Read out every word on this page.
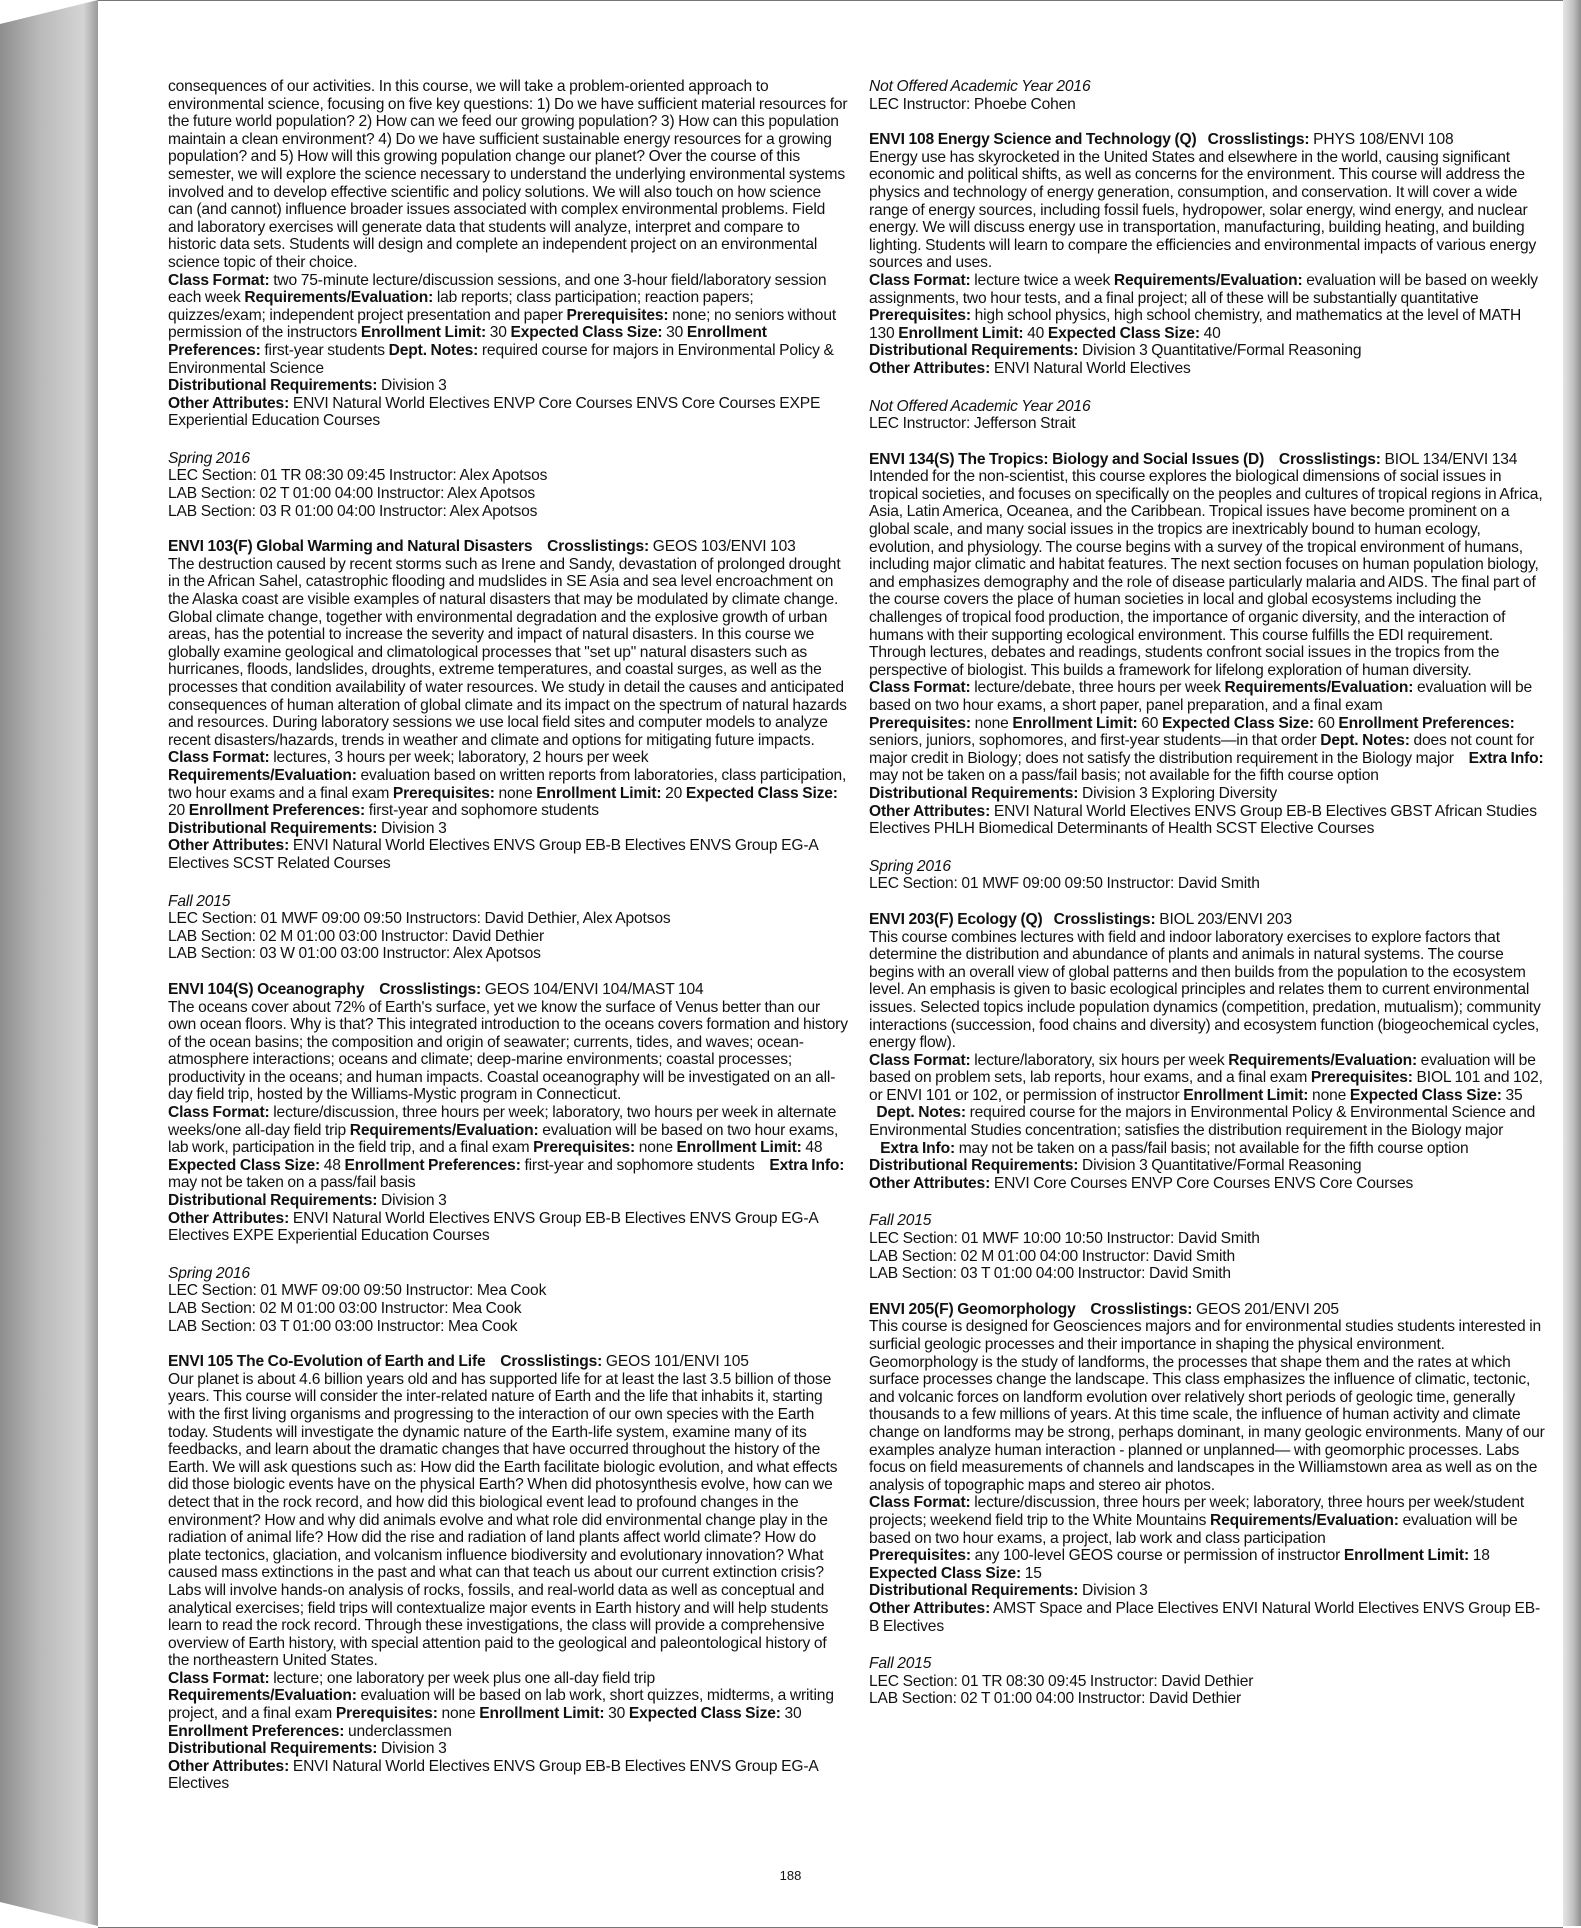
consequences of our activities. In this course, we will take a problem-oriented approach to environmental science, focusing on five key questions: 1) Do we have sufficient material resources for the future world population? 2) How can we feed our growing population? 3) How can this population maintain a clean environment? 4) Do we have sufficient sustainable energy resources for a growing population? and 5) How will this growing population change our planet? Over the course of this semester, we will explore the science necessary to understand the underlying environmental systems involved and to develop effective scientific and policy solutions. We will also touch on how science can (and cannot) influence broader issues associated with complex environmental problems. Field and laboratory exercises will generate data that students will analyze, interpret and compare to historic data sets. Students will design and complete an independent project on an environmental science topic of their choice.
Class Format: two 75-minute lecture/discussion sessions, and one 3-hour field/laboratory session each week Requirements/Evaluation: lab reports; class participation; reaction papers; quizzes/exam; independent project presentation and paper Prerequisites: none; no seniors without permission of the instructors Enrollment Limit: 30 Expected Class Size: 30 Enrollment Preferences: first-year students Dept. Notes: required course for majors in Environmental Policy & Environmental Science
Distributional Requirements: Division 3
Other Attributes: ENVI Natural World Electives ENVP Core Courses ENVS Core Courses EXPE Experiential Education Courses
Spring 2016
LEC Section: 01 TR 08:30 09:45 Instructor: Alex Apotsos
LAB Section: 02 T 01:00 04:00 Instructor: Alex Apotsos
LAB Section: 03 R 01:00 04:00 Instructor: Alex Apotsos
ENVI 103(F) Global Warming and Natural Disasters Crosslistings: GEOS 103/ENVI 103
The destruction caused by recent storms such as Irene and Sandy, devastation of prolonged drought in the African Sahel, catastrophic flooding and mudslides in SE Asia and sea level encroachment on the Alaska coast are visible examples of natural disasters that may be modulated by climate change. Global climate change, together with environmental degradation and the explosive growth of urban areas, has the potential to increase the severity and impact of natural disasters. In this course we globally examine geological and climatological processes that "set up" natural disasters such as hurricanes, floods, landslides, droughts, extreme temperatures, and coastal surges, as well as the processes that condition availability of water resources. We study in detail the causes and anticipated consequences of human alteration of global climate and its impact on the spectrum of natural hazards and resources. During laboratory sessions we use local field sites and computer models to analyze recent disasters/hazards, trends in weather and climate and options for mitigating future impacts.
Class Format: lectures, 3 hours per week; laboratory, 2 hours per week
Requirements/Evaluation: evaluation based on written reports from laboratories, class participation, two hour exams and a final exam Prerequisites: none Enrollment Limit: 20 Expected Class Size: 20 Enrollment Preferences: first-year and sophomore students
Distributional Requirements: Division 3
Other Attributes: ENVI Natural World Electives ENVS Group EB-B Electives ENVS Group EG-A Electives SCST Related Courses
Fall 2015
LEC Section: 01 MWF 09:00 09:50 Instructors: David Dethier, Alex Apotsos
LAB Section: 02 M 01:00 03:00 Instructor: David Dethier
LAB Section: 03 W 01:00 03:00 Instructor: Alex Apotsos
ENVI 104(S) Oceanography Crosslistings: GEOS 104/ENVI 104/MAST 104
The oceans cover about 72% of Earth's surface, yet we know the surface of Venus better than our own ocean floors. Why is that? This integrated introduction to the oceans covers formation and history of the ocean basins; the composition and origin of seawater; currents, tides, and waves; ocean-atmosphere interactions; oceans and climate; deep-marine environments; coastal processes; productivity in the oceans; and human impacts. Coastal oceanography will be investigated on an all-day field trip, hosted by the Williams-Mystic program in Connecticut.
Class Format: lecture/discussion, three hours per week; laboratory, two hours per week in alternate weeks/one all-day field trip Requirements/Evaluation: evaluation will be based on two hour exams, lab work, participation in the field trip, and a final exam Prerequisites: none Enrollment Limit: 48 Expected Class Size: 48 Enrollment Preferences: first-year and sophomore students Extra Info: may not be taken on a pass/fail basis
Distributional Requirements: Division 3
Other Attributes: ENVI Natural World Electives ENVS Group EB-B Electives ENVS Group EG-A Electives EXPE Experiential Education Courses
Spring 2016
LEC Section: 01 MWF 09:00 09:50 Instructor: Mea Cook
LAB Section: 02 M 01:00 03:00 Instructor: Mea Cook
LAB Section: 03 T 01:00 03:00 Instructor: Mea Cook
ENVI 105 The Co-Evolution of Earth and Life Crosslistings: GEOS 101/ENVI 105
Our planet is about 4.6 billion years old and has supported life for at least the last 3.5 billion of those years. This course will consider the inter-related nature of Earth and the life that inhabits it, starting with the first living organisms and progressing to the interaction of our own species with the Earth today. Students will investigate the dynamic nature of the Earth-life system, examine many of its feedbacks, and learn about the dramatic changes that have occurred throughout the history of the Earth. We will ask questions such as: How did the Earth facilitate biologic evolution, and what effects did those biologic events have on the physical Earth? When did photosynthesis evolve, how can we detect that in the rock record, and how did this biological event lead to profound changes in the environment? How and why did animals evolve and what role did environmental change play in the radiation of animal life? How did the rise and radiation of land plants affect world climate? How do plate tectonics, glaciation, and volcanism influence biodiversity and evolutionary innovation? What caused mass extinctions in the past and what can that teach us about our current extinction crisis? Labs will involve hands-on analysis of rocks, fossils, and real-world data as well as conceptual and analytical exercises; field trips will contextualize major events in Earth history and will help students learn to read the rock record. Through these investigations, the class will provide a comprehensive overview of Earth history, with special attention paid to the geological and paleontological history of the northeastern United States.
Class Format: lecture; one laboratory per week plus one all-day field trip
Requirements/Evaluation: evaluation will be based on lab work, short quizzes, midterms, a writing project, and a final exam Prerequisites: none Enrollment Limit: 30 Expected Class Size: 30 Enrollment Preferences: underclassmen
Distributional Requirements: Division 3
Other Attributes: ENVI Natural World Electives ENVS Group EB-B Electives ENVS Group EG-A Electives
Not Offered Academic Year 2016
LEC Instructor: Phoebe Cohen
ENVI 108 Energy Science and Technology (Q) Crosslistings: PHYS 108/ENVI 108
Energy use has skyrocketed in the United States and elsewhere in the world, causing significant economic and political shifts, as well as concerns for the environment. This course will address the physics and technology of energy generation, consumption, and conservation. It will cover a wide range of energy sources, including fossil fuels, hydropower, solar energy, wind energy, and nuclear energy. We will discuss energy use in transportation, manufacturing, building heating, and building lighting. Students will learn to compare the efficiencies and environmental impacts of various energy sources and uses.
Class Format: lecture twice a week Requirements/Evaluation: evaluation will be based on weekly assignments, two hour tests, and a final project; all of these will be substantially quantitative Prerequisites: high school physics, high school chemistry, and mathematics at the level of MATH 130 Enrollment Limit: 40 Expected Class Size: 40
Distributional Requirements: Division 3 Quantitative/Formal Reasoning
Other Attributes: ENVI Natural World Electives
Not Offered Academic Year 2016
LEC Instructor: Jefferson Strait
ENVI 134(S) The Tropics: Biology and Social Issues (D) Crosslistings: BIOL 134/ENVI 134
Intended for the non-scientist, this course explores the biological dimensions of social issues in tropical societies, and focuses on specifically on the peoples and cultures of tropical regions in Africa, Asia, Latin America, Oceanea, and the Caribbean. Tropical issues have become prominent on a global scale, and many social issues in the tropics are inextricably bound to human ecology, evolution, and physiology. The course begins with a survey of the tropical environment of humans, including major climatic and habitat features. The next section focuses on human population biology, and emphasizes demography and the role of disease particularly malaria and AIDS. The final part of the course covers the place of human societies in local and global ecosystems including the challenges of tropical food production, the importance of organic diversity, and the interaction of humans with their supporting ecological environment. This course fulfills the EDI requirement. Through lectures, debates and readings, students confront social issues in the tropics from the perspective of biologist. This builds a framework for lifelong exploration of human diversity.
Class Format: lecture/debate, three hours per week Requirements/Evaluation: evaluation will be based on two hour exams, a short paper, panel preparation, and a final exam
Prerequisites: none Enrollment Limit: 60 Expected Class Size: 60 Enrollment Preferences: seniors, juniors, sophomores, and first-year students—in that order Dept. Notes: does not count for major credit in Biology; does not satisfy the distribution requirement in the Biology major Extra Info: may not be taken on a pass/fail basis; not available for the fifth course option
Distributional Requirements: Division 3 Exploring Diversity
Other Attributes: ENVI Natural World Electives ENVS Group EB-B Electives GBST African Studies Electives PHLH Biomedical Determinants of Health SCST Elective Courses
Spring 2016
LEC Section: 01 MWF 09:00 09:50 Instructor: David Smith
ENVI 203(F) Ecology (Q) Crosslistings: BIOL 203/ENVI 203
This course combines lectures with field and indoor laboratory exercises to explore factors that determine the distribution and abundance of plants and animals in natural systems. The course begins with an overall view of global patterns and then builds from the population to the ecosystem level. An emphasis is given to basic ecological principles and relates them to current environmental issues. Selected topics include population dynamics (competition, predation, mutualism); community interactions (succession, food chains and diversity) and ecosystem function (biogeochemical cycles, energy flow).
Class Format: lecture/laboratory, six hours per week Requirements/Evaluation: evaluation will be based on problem sets, lab reports, hour exams, and a final exam Prerequisites: BIOL 101 and 102, or ENVI 101 or 102, or permission of instructor Enrollment Limit: none Expected Class Size: 35   Dept. Notes: required course for the majors in Environmental Policy & Environmental Science and Environmental Studies concentration; satisfies the distribution requirement in the Biology major    Extra Info: may not be taken on a pass/fail basis; not available for the fifth course option
Distributional Requirements: Division 3 Quantitative/Formal Reasoning
Other Attributes: ENVI Core Courses ENVP Core Courses ENVS Core Courses
Fall 2015
LEC Section: 01 MWF 10:00 10:50 Instructor: David Smith
LAB Section: 02 M 01:00 04:00 Instructor: David Smith
LAB Section: 03 T 01:00 04:00 Instructor: David Smith
ENVI 205(F) Geomorphology Crosslistings: GEOS 201/ENVI 205
This course is designed for Geosciences majors and for environmental studies students interested in surficial geologic processes and their importance in shaping the physical environment. Geomorphology is the study of landforms, the processes that shape them and the rates at which surface processes change the landscape. This class emphasizes the influence of climatic, tectonic, and volcanic forces on landform evolution over relatively short periods of geologic time, generally thousands to a few millions of years. At this time scale, the influence of human activity and climate change on landforms may be strong, perhaps dominant, in many geologic environments. Many of our examples analyze human interaction - planned or unplanned— with geomorphic processes. Labs focus on field measurements of channels and landscapes in the Williamstown area as well as on the analysis of topographic maps and stereo air photos.
Class Format: lecture/discussion, three hours per week; laboratory, three hours per week/student projects; weekend field trip to the White Mountains Requirements/Evaluation: evaluation will be based on two hour exams, a project, lab work and class participation
Prerequisites: any 100-level GEOS course or permission of instructor Enrollment Limit: 18
Expected Class Size: 15
Distributional Requirements: Division 3
Other Attributes: AMST Space and Place Electives ENVI Natural World Electives ENVS Group EB-B Electives
Fall 2015
LEC Section: 01 TR 08:30 09:45 Instructor: David Dethier
LAB Section: 02 T 01:00 04:00 Instructor: David Dethier
188
